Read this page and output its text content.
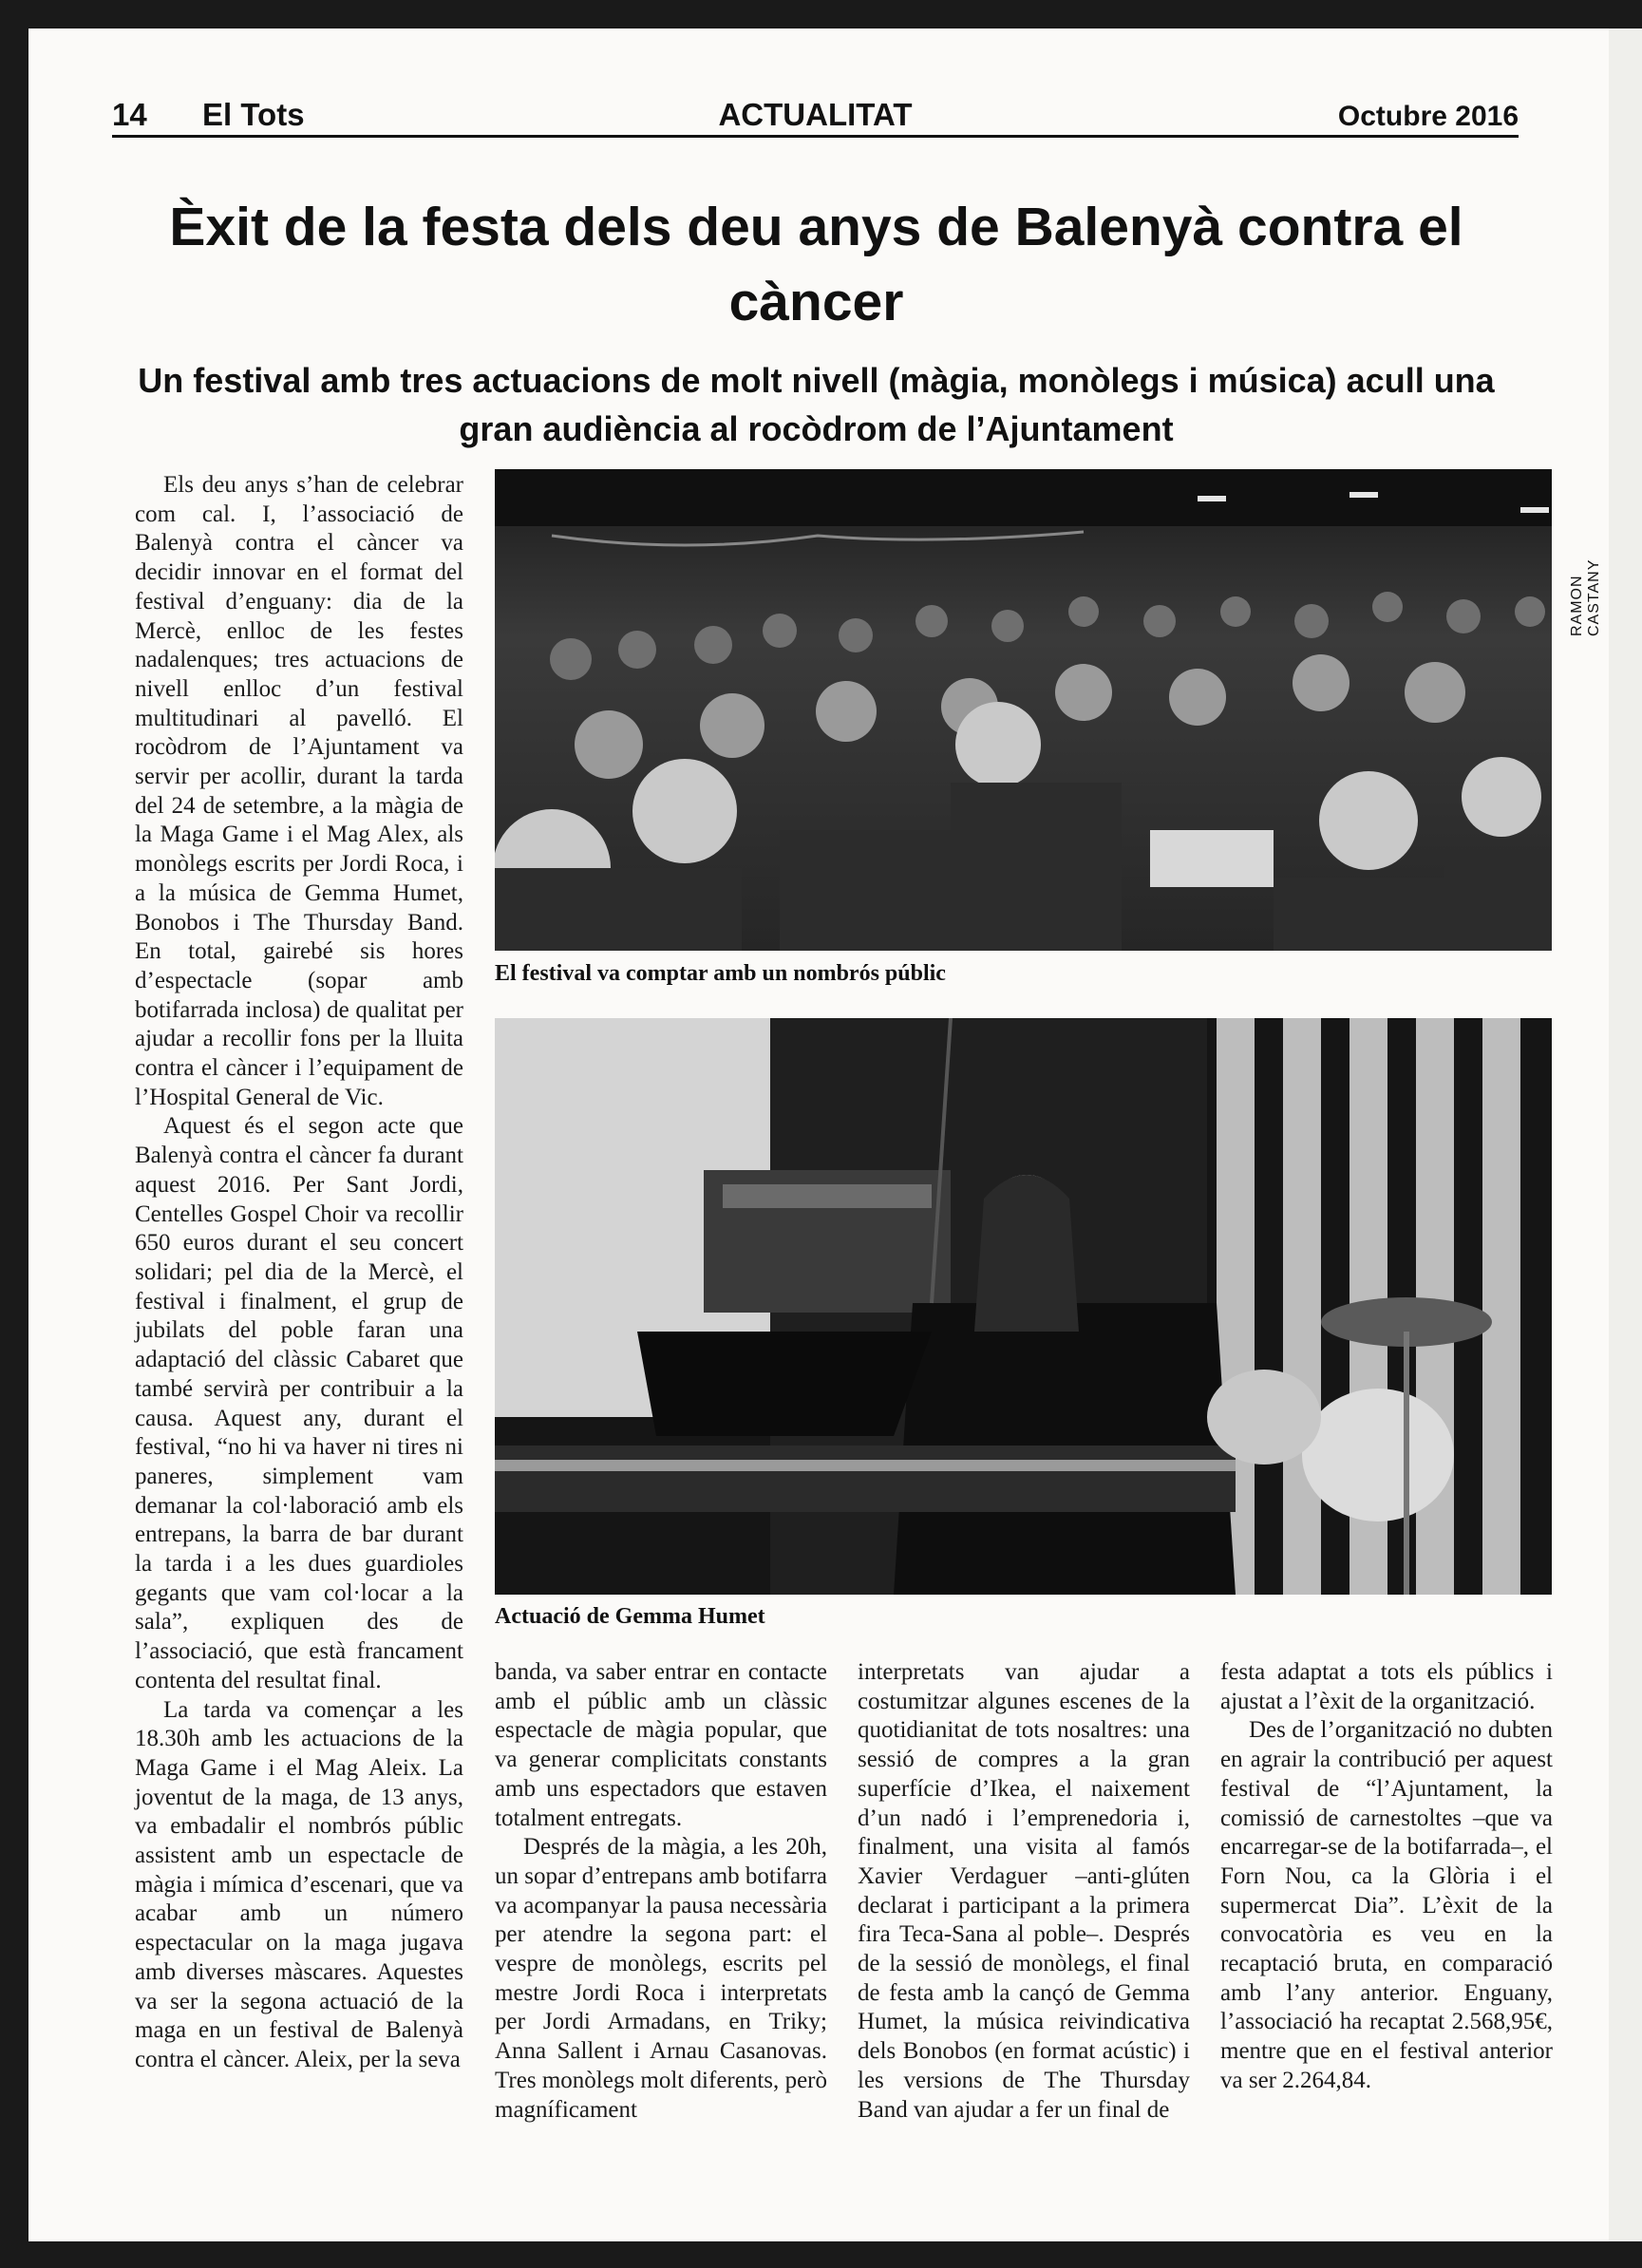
14 El Tots	ACTUALITAT	Octubre 2016
Èxit de la festa dels deu anys de Balenyà contra el càncer
Un festival amb tres actuacions de molt nivell (màgia, monòlegs i música) acull una gran audiència al rocòdrom de l’Ajuntament

Els deu anys s’han de celebrar com cal. I, l’associació de Balenyà contra el càncer va decidir innovar en el format del festival d’enguany: dia de la Mercè, enlloc de les festes nadalenques; tres actuacions de nivell enlloc d’un festival multitudinari al pavelló. El rocòdrom de l’Ajuntament va servir per acollir, durant la tarda del 24 de setembre, a la màgia de la Maga Game i el Mag Alex, als monòlegs escrits per Jordi Roca, i a la música de Gemma Humet, Bonobos i The Thursday Band. En total, gairebé sis hores d’espectacle (sopar amb botifarrada inclosa) de qualitat per ajudar a recollir fons per la lluita contra el càncer i l’equipament de l’Hospital General de Vic.

Aquest és el segon acte que Balenyà contra el càncer fa durant aquest 2016. Per Sant Jordi, Centelles Gospel Choir va recollir 650 euros durant el seu concert solidari; pel dia de la Mercè, el festival i finalment, el grup de jubilats del poble faran una adaptació del clàssic Cabaret que també servirà per contribuir a la causa. Aquest any, durant el festival, “no hi va haver ni tires ni paneres, simplement vam demanar la col·laboració amb els entrepans, la barra de bar durant la tarda i a les dues guardioles gegants que vam col·locar a la sala”, expliquen des de l’associació, que està francament contenta del resultat final.

La tarda va començar a les 18.30h amb les actuacions de la Maga Game i el Mag Aleix. La joventut de la maga, de 13 anys, va embadalir el nombrós públic assistent amb un espectacle de màgia i mímica d’escenari, que va acabar amb un número espectacular on la maga jugava amb diverses màscares. Aquestes va ser la segona actuació de la maga en un festival de Balenyà contra el càncer. Aleix, per la seva

El festival va comptar amb un nombrós públic

RAMON CASTANY

Actuació de Gemma Humet

banda, va saber entrar en contacte amb el públic amb un clàssic espectacle de màgia popular, que va generar complicitats constants amb uns espectadors que estaven totalment entregats.

Després de la màgia, a les 20h, un sopar d’entrepans amb botifarra va acompanyar la pausa necessària per atendre la segona part: el vespre de monòlegs, escrits pel mestre Jordi Roca i interpretats per Jordi Armadans, en Triky; Anna Sallent i Arnau Casanovas. Tres monòlegs molt diferents, però magníficament

interpretats van ajudar a costumitzar algunes escenes de la quotidianitat de tots nosaltres: una sessió de compres a la gran superfície d’Ikea, el naixement d’un nadó i l’emprenedoria i, finalment, una visita al famós Xavier Verdaguer –anti-glúten declarat i participant a la primera fira Teca-Sana al poble–. Després de la sessió de monòlegs, el final de festa amb la cançó de Gemma Humet, la música reivindicativa dels Bonobos (en format acústic) i les versions de The Thursday Band van ajudar a fer un final de

festa adaptat a tots els públics i ajustat a l’èxit de la organització.

Des de l’organització no dubten en agrair la contribució per aquest festival de “l’Ajuntament, la comissió de carnestoltes –que va encarregar-se de la botifarrada–, el Forn Nou, ca la Glòria i el supermercat Dia”. L’èxit de la convocatòria es veu en la recaptació bruta, en comparació amb l’any anterior. Enguany, l’associació ha recaptat 2.568,95€, mentre que en el festival anterior va ser 2.264,84.
